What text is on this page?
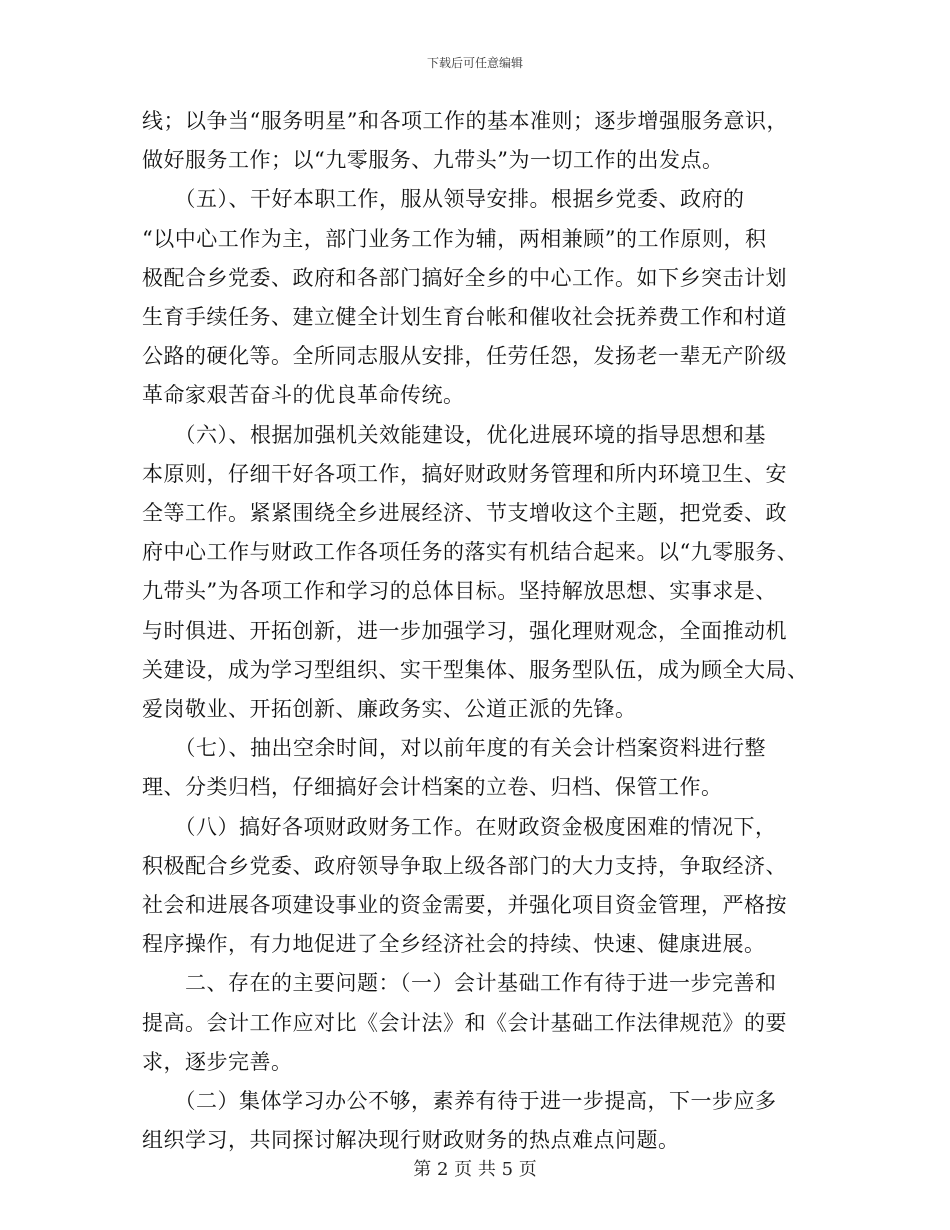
下载后可任意编辑

线；以争当“服务明星”和各项工作的基本准则；逐步增强服务意识，

做好服务工作；以“九零服务、九带头”为一切工作的出发点。

　　（五）、干好本职工作，服从领导安排。根据乡党委、政府的

“以中心工作为主，部门业务工作为辅，两相兼顾”的工作原则，积

极配合乡党委、政府和各部门搞好全乡的中心工作。如下乡突击计划

生育手续任务、建立健全计划生育台帐和催收社会抚养费工作和村道

公路的硬化等。全所同志服从安排，任劳任怨，发扬老一辈无产阶级

革命家艰苦奋斗的优良革命传统。

　　（六）、根据加强机关效能建设，优化进展环境的指导思想和基

本原则，仔细干好各项工作，搞好财政财务管理和所内环境卫生、安

全等工作。紧紧围绕全乡进展经济、节支增收这个主题，把党委、政

府中心工作与财政工作各项任务的落实有机结合起来。以“九零服务、

九带头”为各项工作和学习的总体目标。坚持解放思想、实事求是、

与时俱进、开拓创新，进一步加强学习，强化理财观念，全面推动机

关建设，成为学习型组织、实干型集体、服务型队伍，成为顾全大局、

爱岗敬业、开拓创新、廉政务实、公道正派的先锋。

　　（七）、抽出空余时间，对以前年度的有关会计档案资料进行整

理、分类归档，仔细搞好会计档案的立卷、归档、保管工作。

　　（八）搞好各项财政财务工作。在财政资金极度困难的情况下，

积极配合乡党委、政府领导争取上级各部门的大力支持，争取经济、

社会和进展各项建设事业的资金需要，并强化项目资金管理，严格按

程序操作，有力地促进了全乡经济社会的持续、快速、健康进展。

　　二、存在的主要问题：（一）会计基础工作有待于进一步完善和

提高。会计工作应对比《会计法》和《会计基础工作法律规范》的要

求，逐步完善。

　　（二）集体学习办公不够，素养有待于进一步提高，下一步应多

组织学习，共同探讨解决现行财政财务的热点难点问题。

第 2 页 共 5 页
